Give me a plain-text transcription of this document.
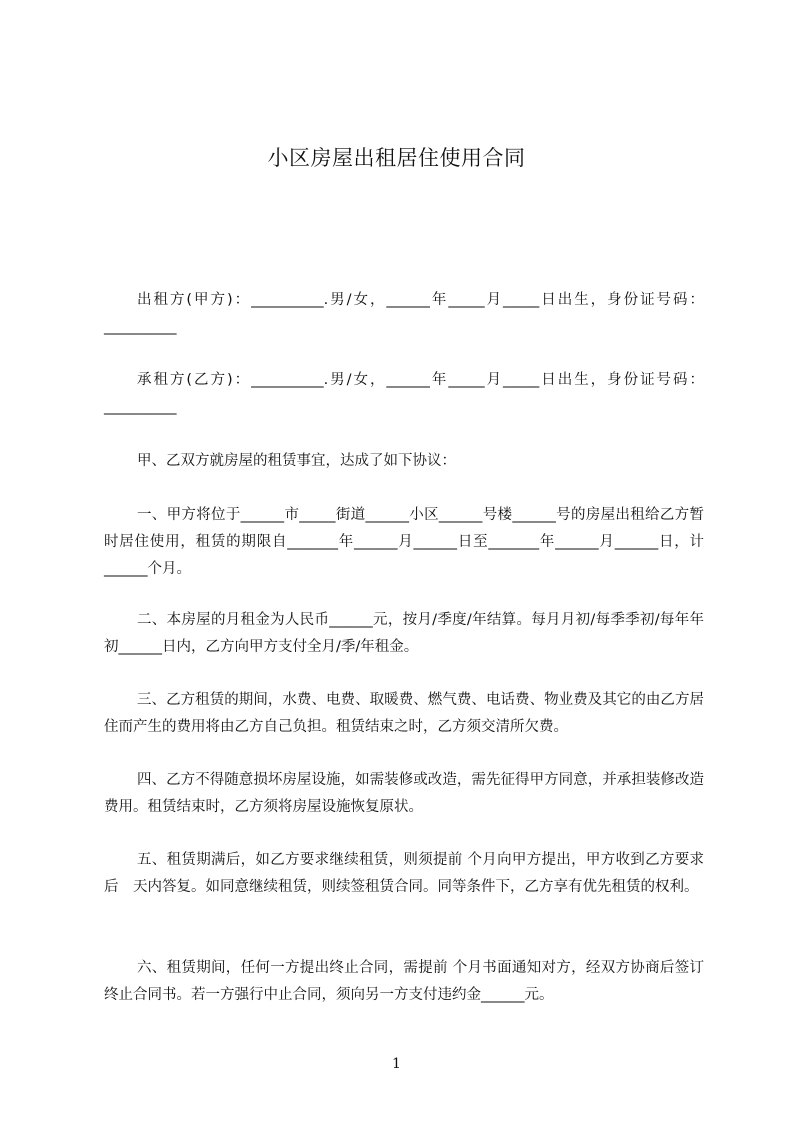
小区房屋出租居住使用合同

出租方(甲方)：__________.男/女，______年_____月_____日出生，身份证号码：__________

承租方(乙方)：__________.男/女，______年_____月_____日出生，身份证号码：__________

甲、乙双方就房屋的租赁事宜，达成了如下协议：

一、甲方将位于______市_____街道______小区______号楼______号的房屋出租给乙方暂时居住使用，租赁的期限自_______年______月______日至_______年______月______日，计______个月。

二、本房屋的月租金为人民币______元，按月/季度/年结算。每月月初/每季季初/每年年初______日内，乙方向甲方支付全月/季/年租金。

三、乙方租赁的期间，水费、电费、取暖费、燃气费、电话费、物业费及其它的由乙方居住而产生的费用将由乙方自己负担。租赁结束之时，乙方须交清所欠费。

四、乙方不得随意损坏房屋设施，如需装修或改造，需先征得甲方同意，并承担装修改造费用。租赁结束时，乙方须将房屋设施恢复原状。

五、租赁期满后，如乙方要求继续租赁，则须提前 个月向甲方提出，甲方收到乙方要求后　天内答复。如同意继续租赁，则续签租赁合同。同等条件下，乙方享有优先租赁的权利。

六、租赁期间，任何一方提出终止合同，需提前 个月书面通知对方，经双方协商后签订终止合同书。若一方强行中止合同，须向另一方支付违约金______元。

1
